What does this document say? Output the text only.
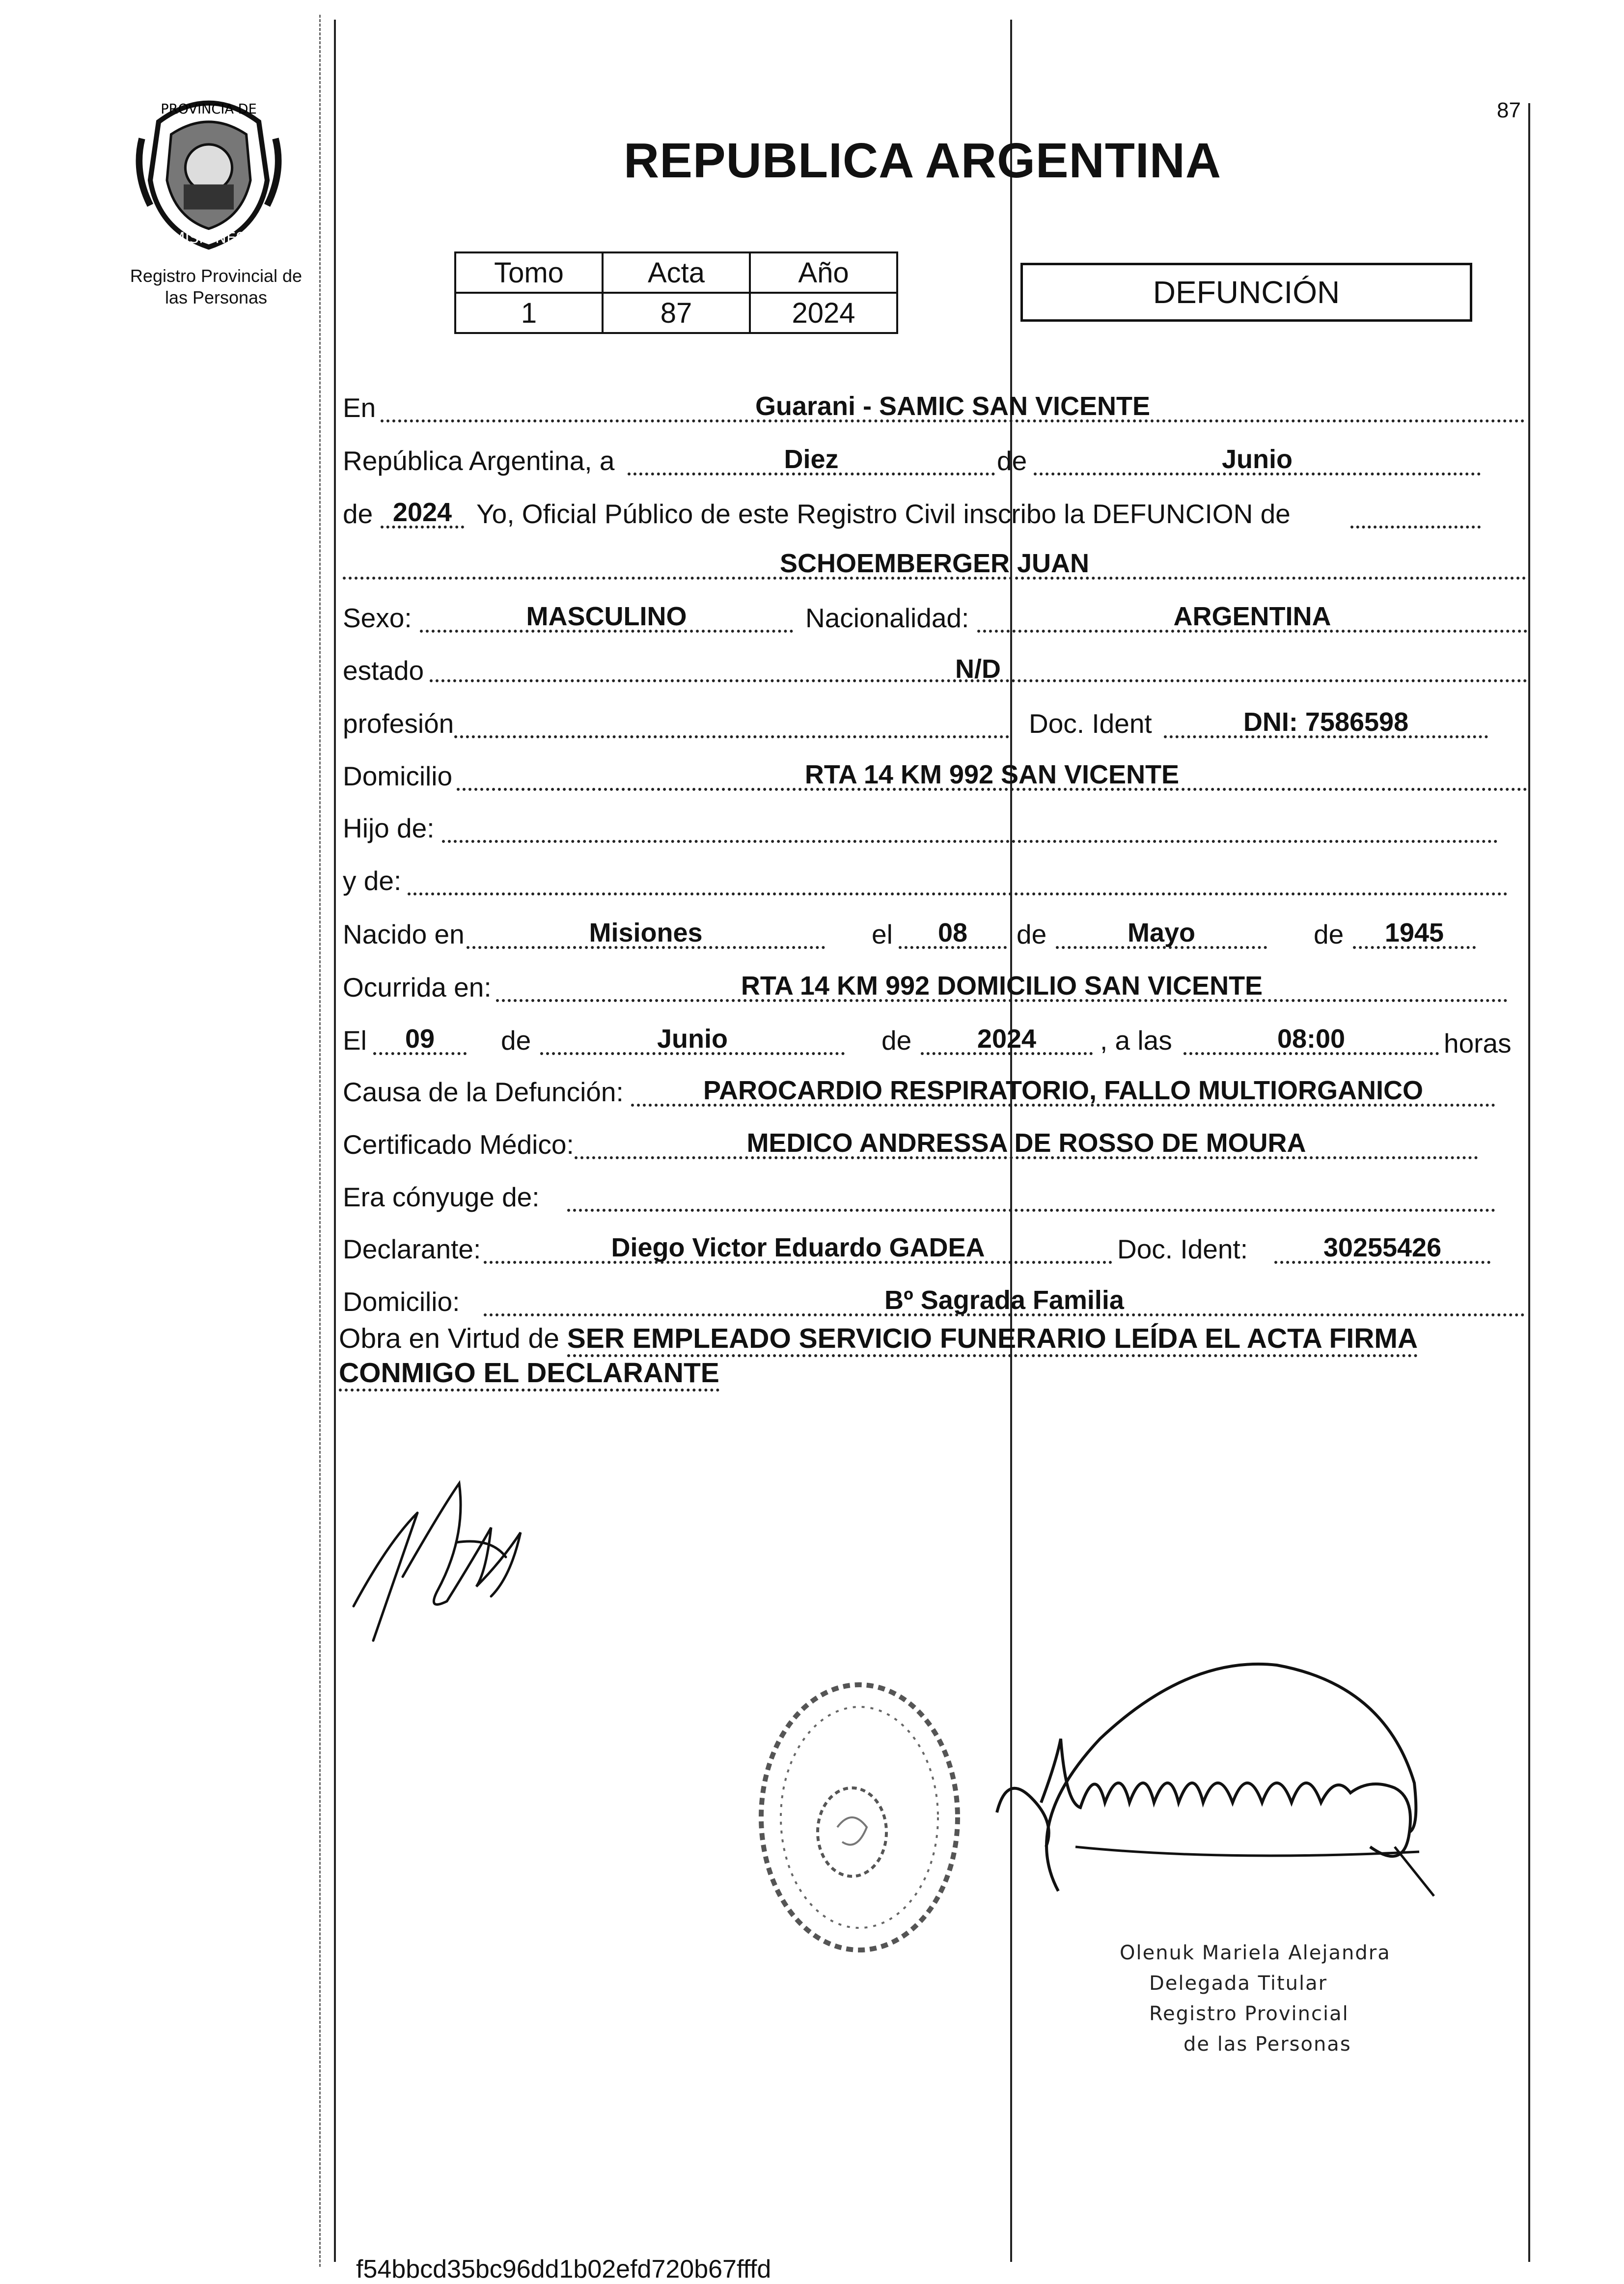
PROVINCIA DE
MISIONES
Registro Provincial de
las Personas
87
REPUBLICA ARGENTINA
Tomo	Acta	Año
1	87	2024
DEFUNCIÓN
En	Guarani - SAMIC SAN VICENTE
República Argentina, a	Diez	de	Junio
de 2024 Yo, Oficial Público de este Registro Civil inscribo la DEFUNCION de
SCHOEMBERGER JUAN
Sexo:	MASCULINO	Nacionalidad:	ARGENTINA
estado	N/D
profesión	Doc. Ident	DNI: 7586598
Domicilio	RTA 14 KM 992 SAN VICENTE
Hijo de:
y de:
Nacido en	Misiones	el	08	de	Mayo	de	1945
Ocurrida en:	RTA 14 KM 992 DOMICILIO SAN VICENTE
El	09	de	Junio	de	2024	, a las	08:00	horas
Causa de la Defunción:	PAROCARDIO RESPIRATORIO, FALLO MULTIORGANICO
Certificado Médico:	MEDICO ANDRESSA DE ROSSO DE MOURA
Era cónyuge de:
Declarante:	Diego Victor Eduardo GADEA	Doc. Ident:	30255426
Domicilio:	Bº Sagrada Familia
Obra en Virtud de SER EMPLEADO SERVICIO FUNERARIO LEÍDA EL ACTA FIRMA
CONMIGO EL DECLARANTE
Olenuk Mariela Alejandra
Delegada Titular
Registro Provincial
de las Personas
f54bbcd35bc96dd1b02efd720b67fffd
